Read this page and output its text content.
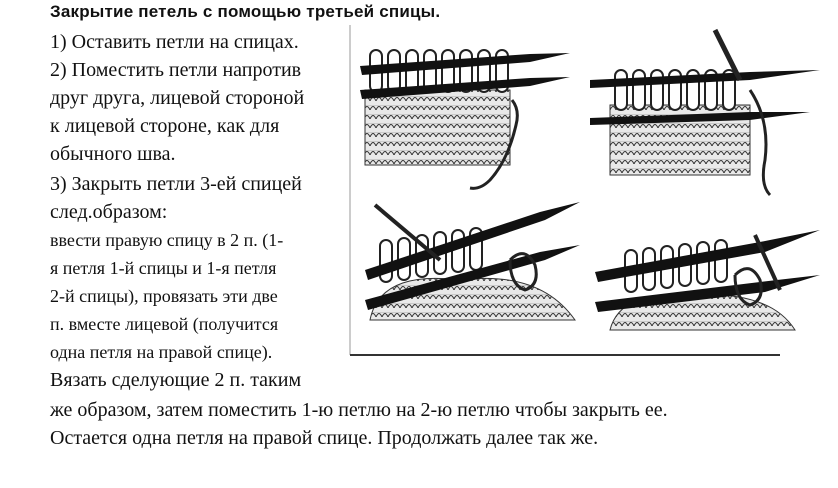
Закрытие петель с помощью третьей спицы.
1) Оставить петли на спицах.
2) Поместить петли напротив
друг друга, лицевой стороной
к лицевой стороне, как для
обычного шва.
3) Закрыть петли 3-ей спицей
след.образом:
ввести правую спицу в 2 п. (1-
я петля 1-й спицы и 1-я петля
2-й спицы), провязать эти две
п. вместе лицевой (получится
одна петля на правой спице).
Вязать сделующие 2 п. таким
же образом, затем поместить 1-ю петлю на 2-ю петлю чтобы закрыть ее.
Остается одна петля на правой спице. Продолжать далее так же.
